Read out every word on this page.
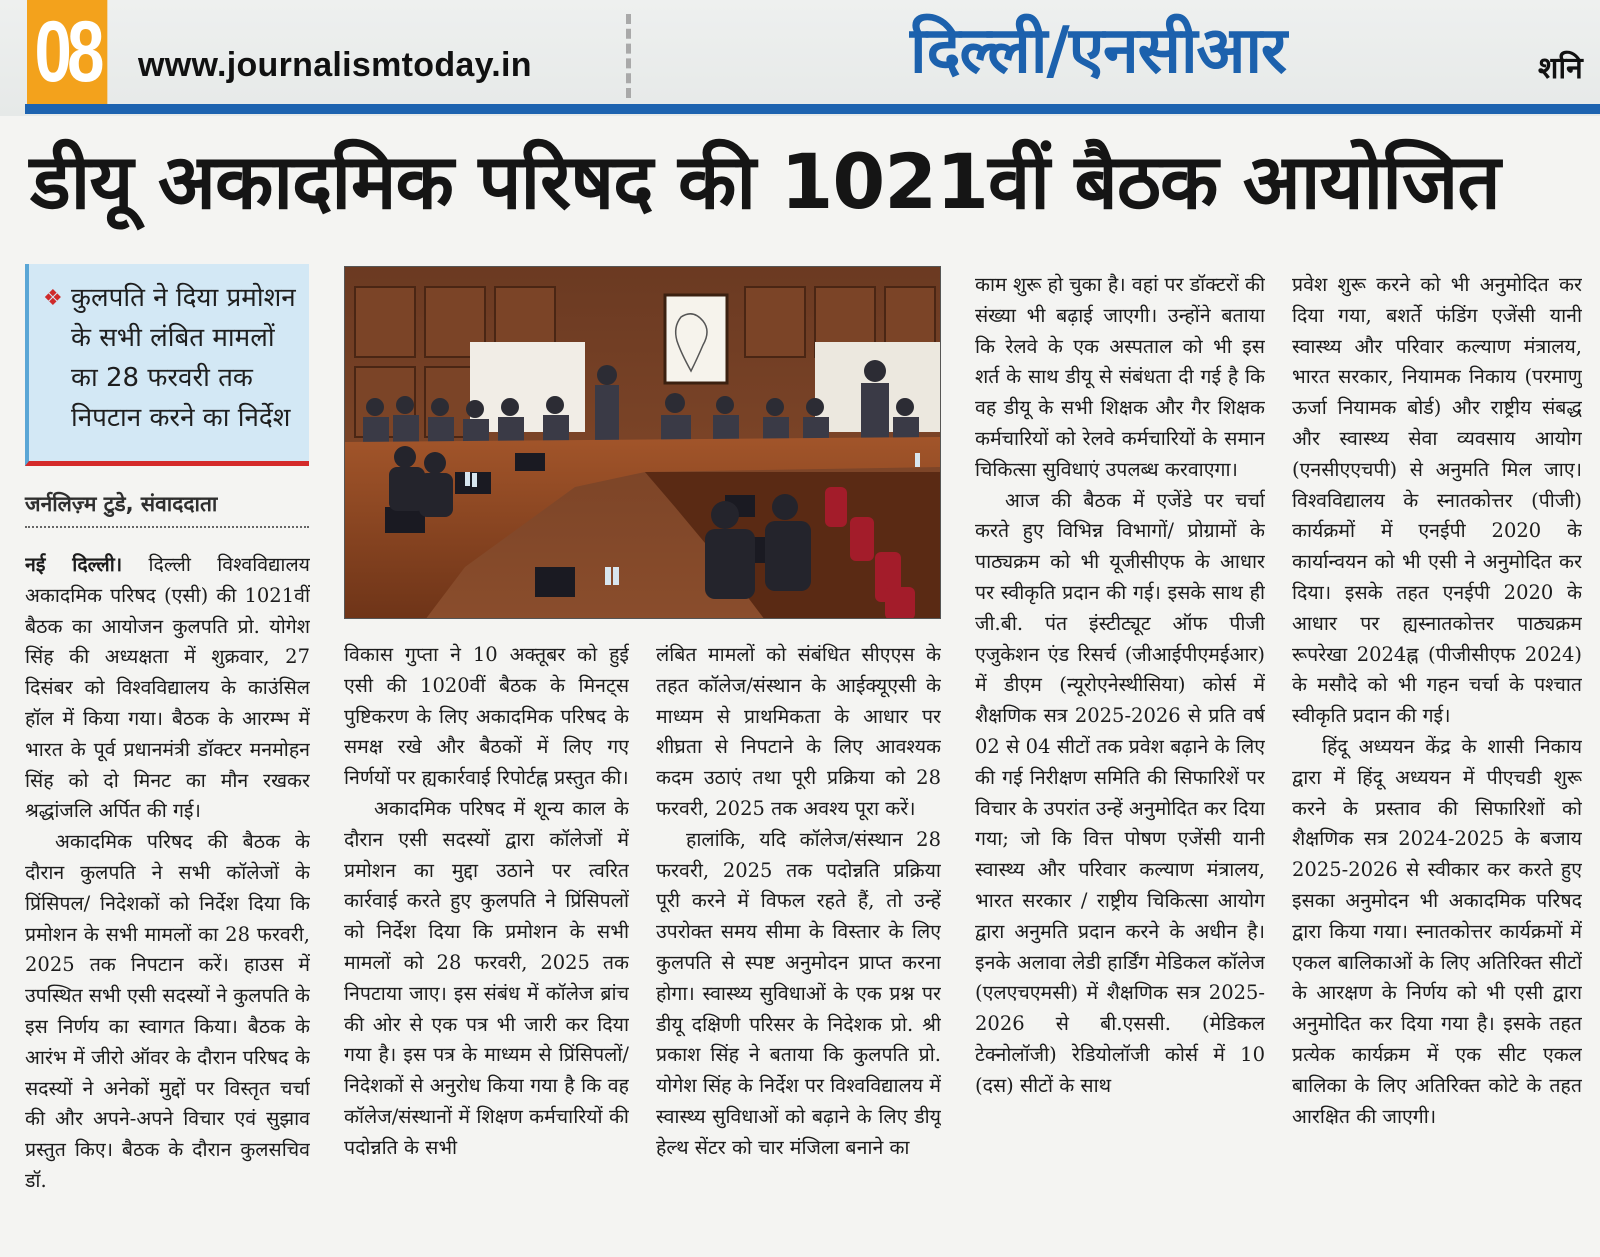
08 www.journalismtoday.in	दिल्ली/एनसीआर	शनि
डीयू अकादमिक परिषद की 1021वीं बैठक आयोजित
❖ कुलपति ने दिया प्रमोशन के सभी लंबित मामलों का 28 फरवरी तक निपटान करने का निर्देश
जर्नलिज़्म टुडे, संवाददाता

नई दिल्ली। दिल्ली विश्वविद्यालय अकादमिक परिषद (एसी) की 1021वीं बैठक का आयोजन कुलपति प्रो. योगेश सिंह की अध्यक्षता में शुक्रवार, 27 दिसंबर को विश्वविद्यालय के काउंसिल हॉल में किया गया। बैठक के आरम्भ में भारत के पूर्व प्रधानमंत्री डॉक्टर मनमोहन सिंह को दो मिनट का मौन रखकर श्रद्धांजलि अर्पित की गई।

अकादमिक परिषद की बैठक के दौरान कुलपति ने सभी कॉलेजों के प्रिंसिपल/ निदेशकों को निर्देश दिया कि प्रमोशन के सभी मामलों का 28 फरवरी, 2025 तक निपटान करें। हाउस में उपस्थित सभी एसी सदस्यों ने कुलपति के इस निर्णय का स्वागत किया। बैठक के आरंभ में जीरो ऑवर के दौरान परिषद के सदस्यों ने अनेकों मुद्दों पर विस्तृत चर्चा की और अपने-अपने विचार एवं सुझाव प्रस्तुत किए। बैठक के दौरान कुलसचिव डॉ.

विकास गुप्ता ने 10 अक्तूबर को हुई एसी की 1020वीं बैठक के मिनट्स पुष्टिकरण के लिए अकादमिक परिषद के समक्ष रखे और बैठकों में लिए गए निर्णयों पर ह्यकार्रवाई रिपोर्टह्न प्रस्तुत की।

अकादमिक परिषद में शून्य काल के दौरान एसी सदस्यों द्वारा कॉलेजों में प्रमोशन का मुद्दा उठाने पर त्वरित कार्रवाई करते हुए कुलपति ने प्रिंसिपलों को निर्देश दिया कि प्रमोशन के सभी मामलों को 28 फरवरी, 2025 तक निपटाया जाए। इस संबंध में कॉलेज ब्रांच की ओर से एक पत्र भी जारी कर दिया गया है। इस पत्र के माध्यम से प्रिंसिपलों/ निदेशकों से अनुरोध किया गया है कि वह कॉलेज/संस्थानों में शिक्षण कर्मचारियों की पदोन्नति के सभी

लंबित मामलों को संबंधित सीएएस के तहत कॉलेज/संस्थान के आईक्यूएसी के माध्यम से प्राथमिकता के आधार पर शीघ्रता से निपटाने के लिए आवश्यक कदम उठाएं तथा पूरी प्रक्रिया को 28 फरवरी, 2025 तक अवश्य पूरा करें।

हालांकि, यदि कॉलेज/संस्थान 28 फरवरी, 2025 तक पदोन्नति प्रक्रिया पूरी करने में विफल रहते हैं, तो उन्हें उपरोक्त समय सीमा के विस्तार के लिए कुलपति से स्पष्ट अनुमोदन प्राप्त करना होगा। स्वास्थ्य सुविधाओं के एक प्रश्न पर डीयू दक्षिणी परिसर के निदेशक प्रो. श्री प्रकाश सिंह ने बताया कि कुलपति प्रो. योगेश सिंह के निर्देश पर विश्वविद्यालय में स्वास्थ्य सुविधाओं को बढ़ाने के लिए डीयू हेल्थ सेंटर को चार मंजिला बनाने का

काम शुरू हो चुका है। वहां पर डॉक्टरों की संख्या भी बढ़ाई जाएगी। उन्होंने बताया कि रेलवे के एक अस्पताल को भी इस शर्त के साथ डीयू से संबंधता दी गई है कि वह डीयू के सभी शिक्षक और गैर शिक्षक कर्मचारियों को रेलवे कर्मचारियों के समान चिकित्सा सुविधाएं उपलब्ध करवाएगा।

आज की बैठक में एजेंडे पर चर्चा करते हुए विभिन्न विभागों/ प्रोग्रामों के पाठ्यक्रम को भी यूजीसीएफ के आधार पर स्वीकृति प्रदान की गई। इसके साथ ही जी.बी. पंत इंस्टीट्यूट ऑफ पीजी एजुकेशन एंड रिसर्च (जीआईपीएमईआर) में डीएम (न्यूरोएनेस्थीसिया) कोर्स में शैक्षणिक सत्र 2025-2026 से प्रति वर्ष 02 से 04 सीटों तक प्रवेश बढ़ाने के लिए की गई निरीक्षण समिति की सिफारिशें पर विचार के उपरांत उन्हें अनुमोदित कर दिया गया; जो कि वित्त पोषण एजेंसी यानी स्वास्थ्य और परिवार कल्याण मंत्रालय, भारत सरकार / राष्ट्रीय चिकित्सा आयोग द्वारा अनुमति प्रदान करने के अधीन है। इनके अलावा लेडी हार्डिंग मेडिकल कॉलेज (एलएचएमसी) में शैक्षणिक सत्र 2025-2026 से बी.एससी. (मेडिकल टेक्नोलॉजी) रेडियोलॉजी कोर्स में 10 (दस) सीटों के साथ

प्रवेश शुरू करने को भी अनुमोदित कर दिया गया, बशर्ते फंडिंग एजेंसी यानी स्वास्थ्य और परिवार कल्याण मंत्रालय, भारत सरकार, नियामक निकाय (परमाणु ऊर्जा नियामक बोर्ड) और राष्ट्रीय संबद्ध और स्वास्थ्य सेवा व्यवसाय आयोग (एनसीएएचपी) से अनुमति मिल जाए। विश्वविद्यालय के स्नातकोत्तर (पीजी) कार्यक्रमों में एनईपी 2020 के कार्यान्वयन को भी एसी ने अनुमोदित कर दिया। इसके तहत एनईपी 2020 के आधार पर ह्यस्नातकोत्तर पाठ्यक्रम रूपरेखा 2024ह्न (पीजीसीएफ 2024) के मसौदे को भी गहन चर्चा के पश्चात स्वीकृति प्रदान की गई।

हिंदू अध्ययन केंद्र के शासी निकाय द्वारा में हिंदू अध्ययन में पीएचडी शुरू करने के प्रस्ताव की सिफारिशों को शैक्षणिक सत्र 2024-2025 के बजाय 2025-2026 से स्वीकार कर करते हुए इसका अनुमोदन भी अकादमिक परिषद द्वारा किया गया। स्नातकोत्तर कार्यक्रमों में एकल बालिकाओं के लिए अतिरिक्त सीटों के आरक्षण के निर्णय को भी एसी द्वारा अनुमोदित कर दिया गया है। इसके तहत प्रत्येक कार्यक्रम में एक सीट एकल बालिका के लिए अतिरिक्त कोटे के तहत आरक्षित की जाएगी।
